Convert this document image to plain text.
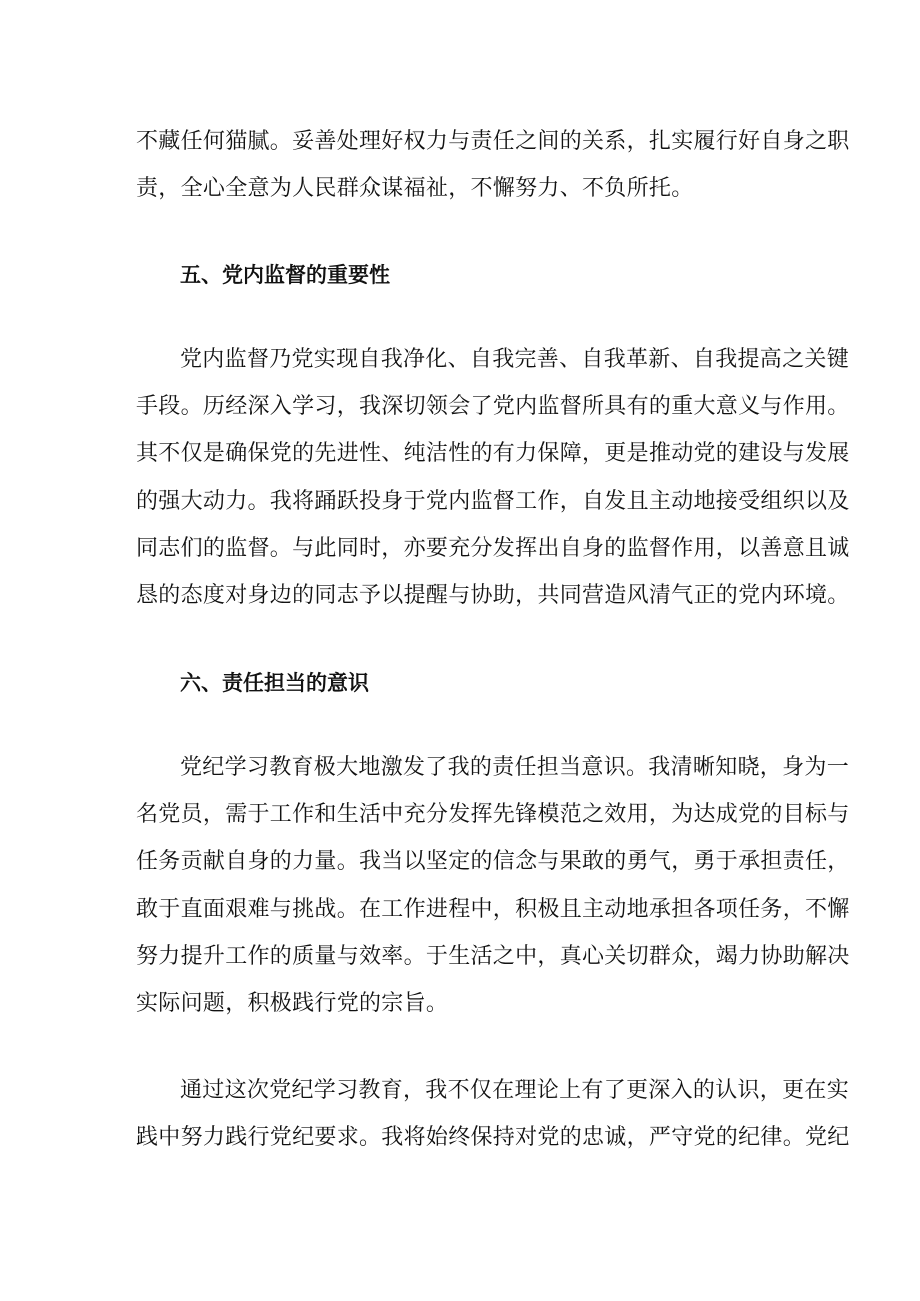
不藏任何猫腻。妥善处理好权力与责任之间的关系，扎实履行好自身之职
责，全心全意为人民群众谋福祉，不懈努力、不负所托。
五、党内监督的重要性
党内监督乃党实现自我净化、自我完善、自我革新、自我提高之关键
手段。历经深入学习，我深切领会了党内监督所具有的重大意义与作用。
其不仅是确保党的先进性、纯洁性的有力保障，更是推动党的建设与发展
的强大动力。我将踊跃投身于党内监督工作，自发且主动地接受组织以及
同志们的监督。与此同时，亦要充分发挥出自身的监督作用，以善意且诚
恳的态度对身边的同志予以提醒与协助，共同营造风清气正的党内环境。
六、责任担当的意识
党纪学习教育极大地激发了我的责任担当意识。我清晰知晓，身为一
名党员，需于工作和生活中充分发挥先锋模范之效用，为达成党的目标与
任务贡献自身的力量。我当以坚定的信念与果敢的勇气，勇于承担责任，
敢于直面艰难与挑战。在工作进程中，积极且主动地承担各项任务，不懈
努力提升工作的质量与效率。于生活之中，真心关切群众，竭力协助解决
实际问题，积极践行党的宗旨。
通过这次党纪学习教育，我不仅在理论上有了更深入的认识，更在实
践中努力践行党纪要求。我将始终保持对党的忠诚，严守党的纪律。党纪
